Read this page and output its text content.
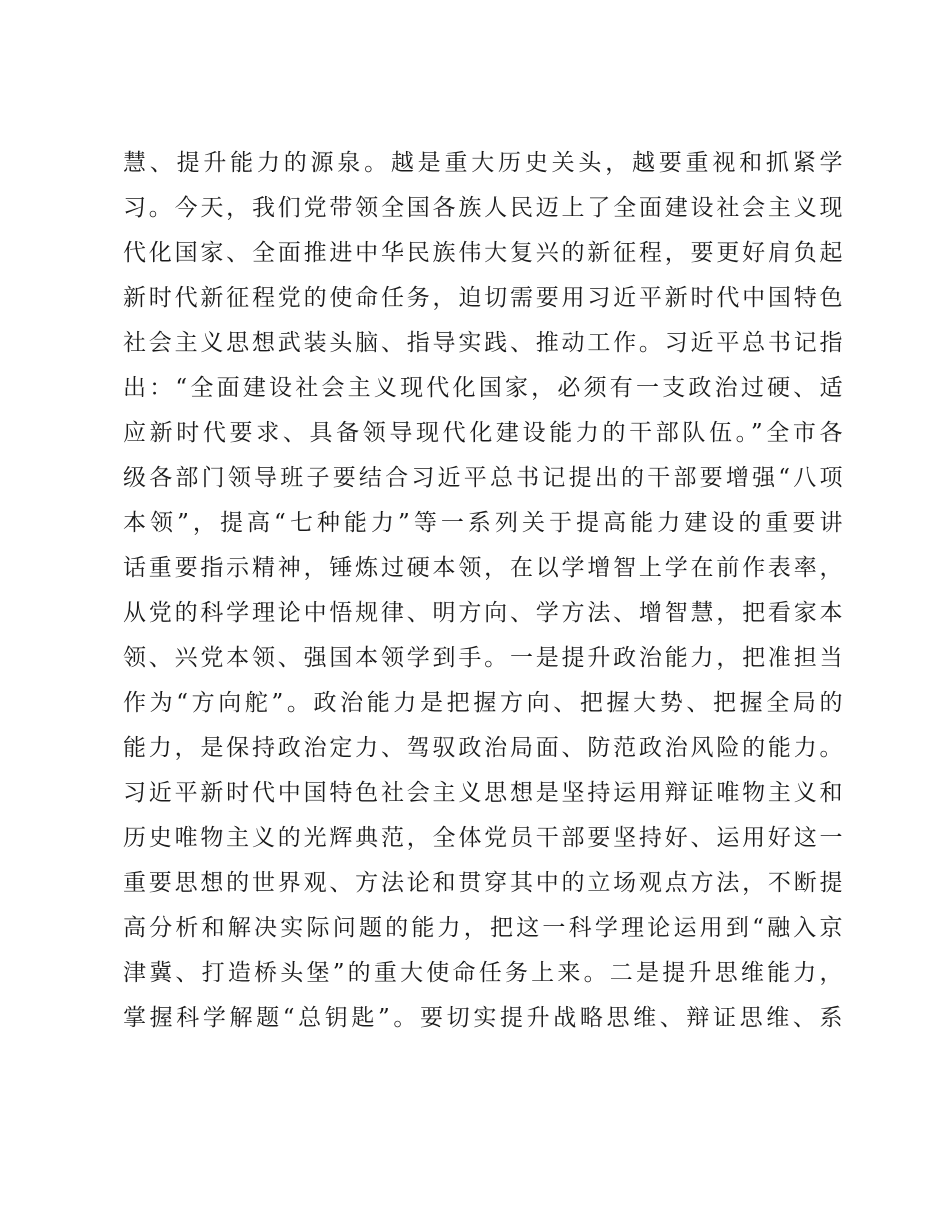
慧、提升能力的源泉。越是重大历史关头，越要重视和抓紧学
习。今天，我们党带领全国各族人民迈上了全面建设社会主义现
代化国家、全面推进中华民族伟大复兴的新征程，要更好肩负起
新时代新征程党的使命任务，迫切需要用习近平新时代中国特色
社会主义思想武装头脑、指导实践、推动工作。习近平总书记指
出：“全面建设社会主义现代化国家，必须有一支政治过硬、适
应新时代要求、具备领导现代化建设能力的干部队伍。”全市各
级各部门领导班子要结合习近平总书记提出的干部要增强“八项
本领”，提高“七种能力”等一系列关于提高能力建设的重要讲
话重要指示精神，锤炼过硬本领，在以学增智上学在前作表率，
从党的科学理论中悟规律、明方向、学方法、增智慧，把看家本
领、兴党本领、强国本领学到手。一是提升政治能力，把准担当
作为“方向舵”。政治能力是把握方向、把握大势、把握全局的
能力，是保持政治定力、驾驭政治局面、防范政治风险的能力。
习近平新时代中国特色社会主义思想是坚持运用辩证唯物主义和
历史唯物主义的光辉典范，全体党员干部要坚持好、运用好这一
重要思想的世界观、方法论和贯穿其中的立场观点方法，不断提
高分析和解决实际问题的能力，把这一科学理论运用到“融入京
津冀、打造桥头堡”的重大使命任务上来。二是提升思维能力，
掌握科学解题“总钥匙”。要切实提升战略思维、辩证思维、系
